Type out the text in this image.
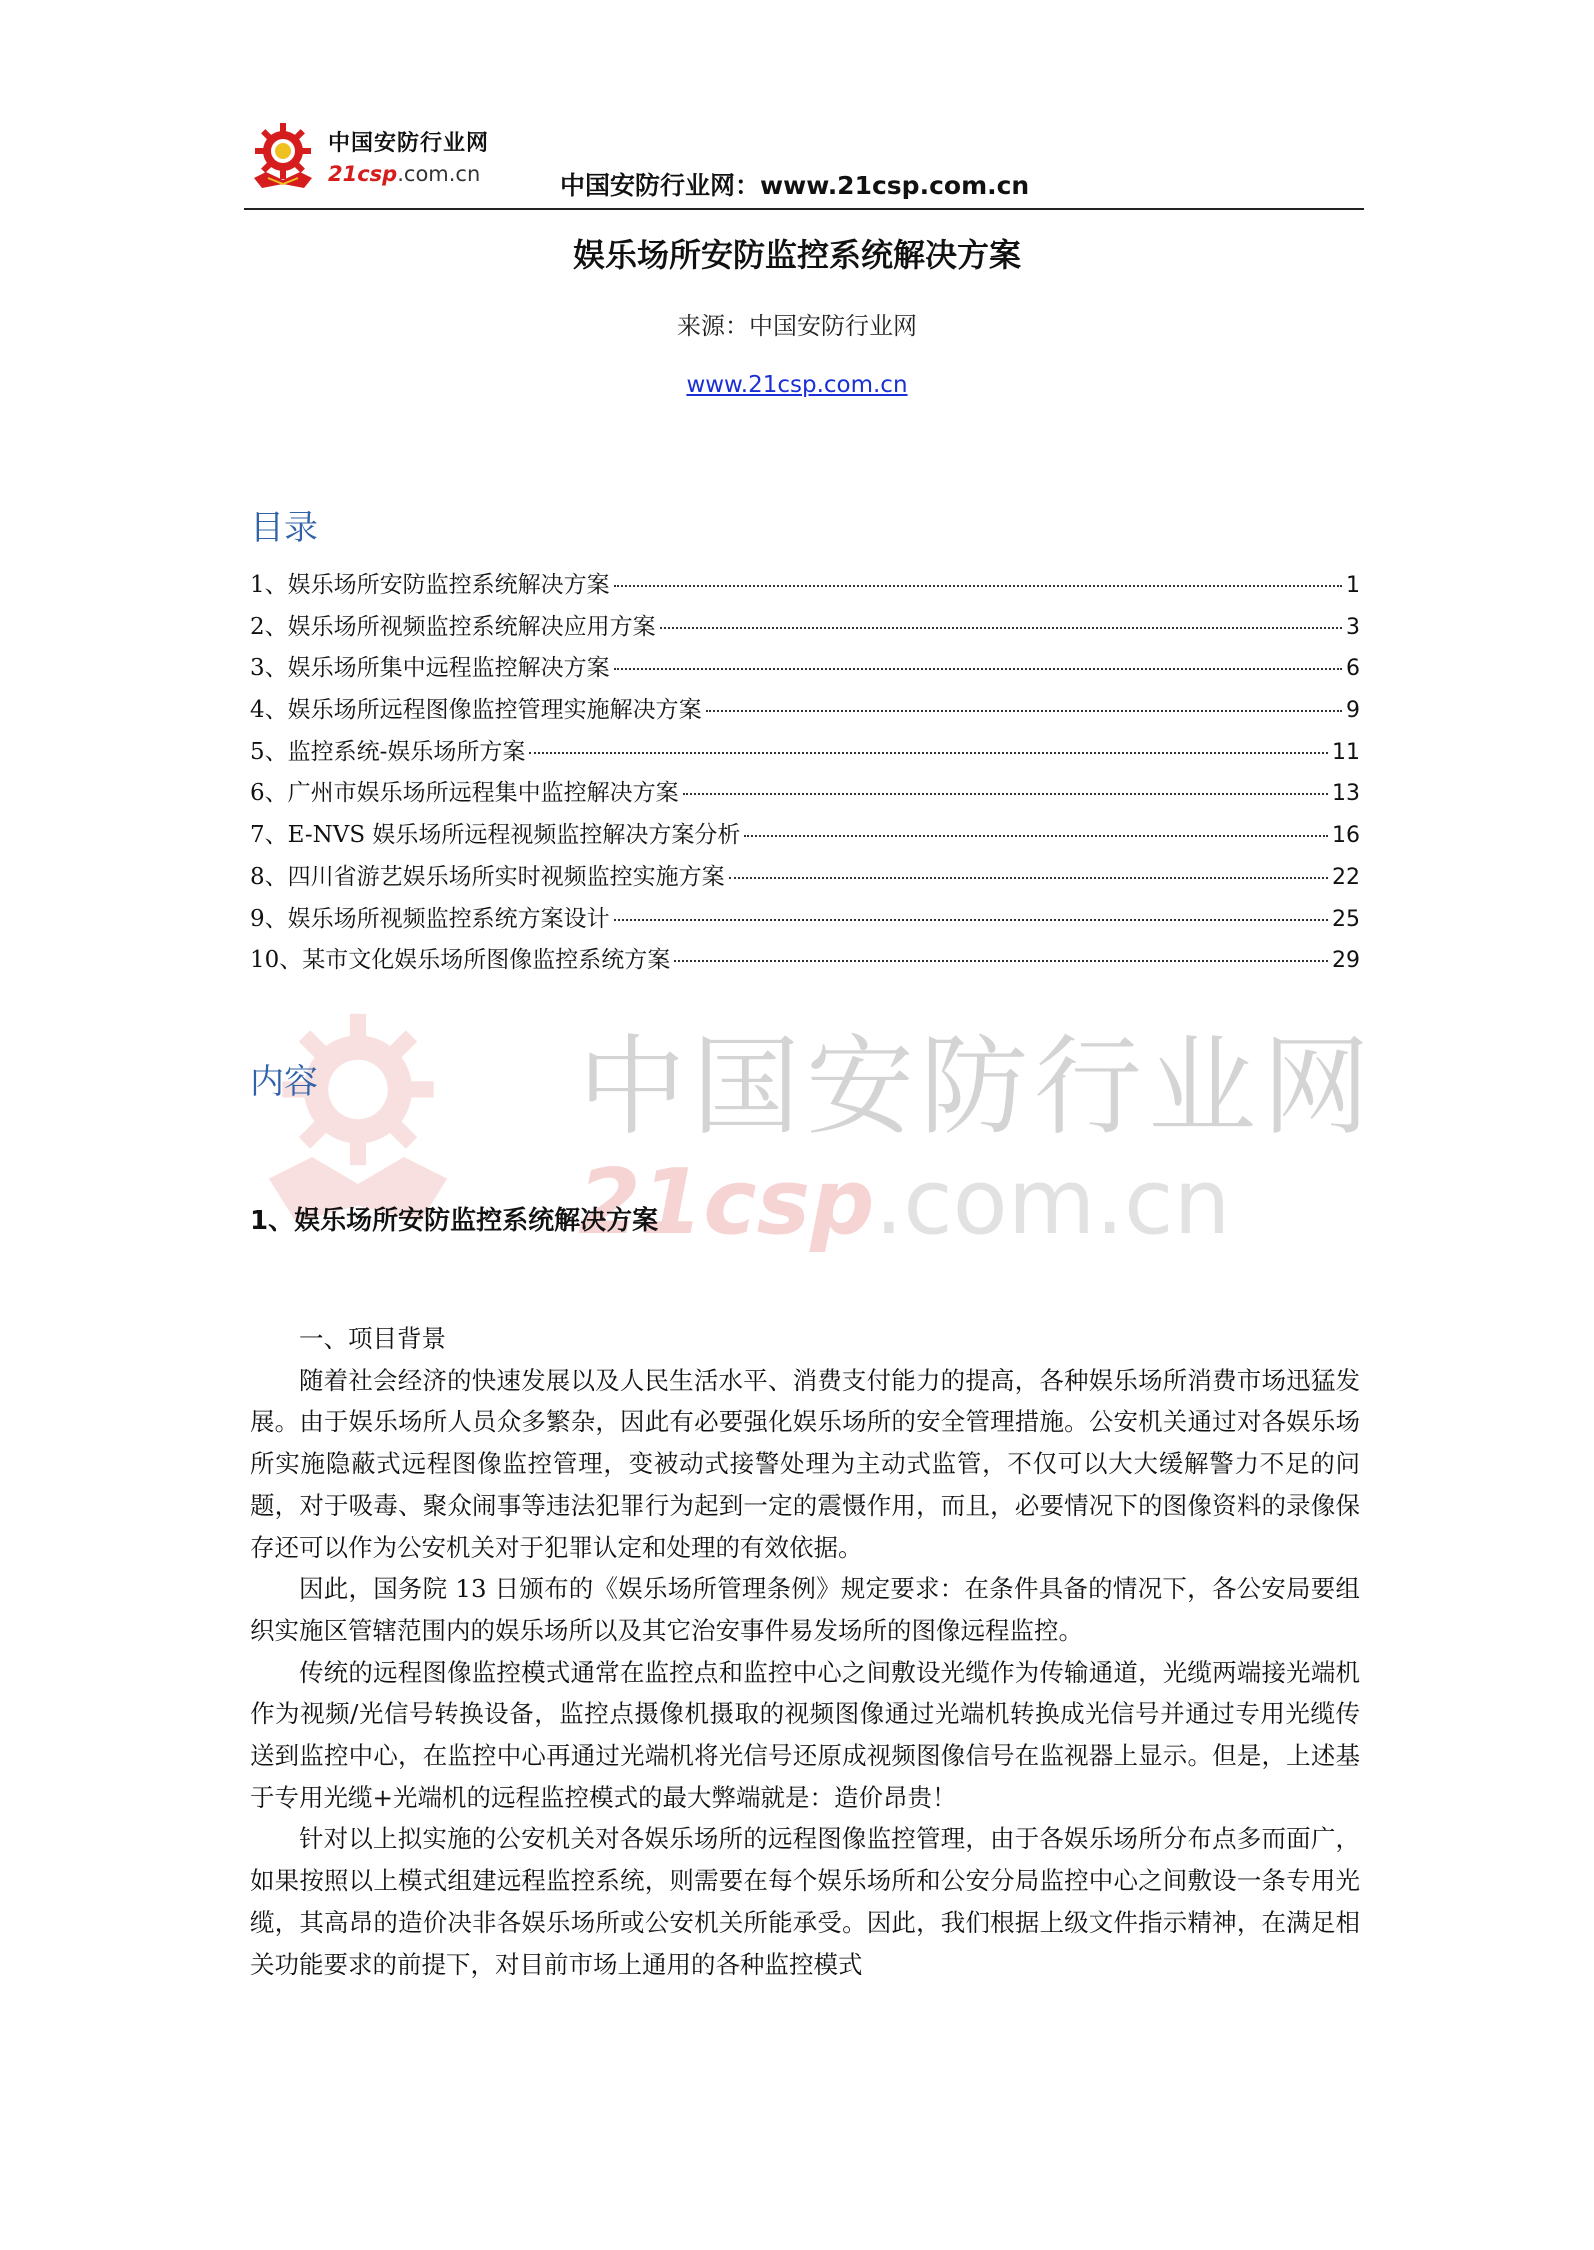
中国安防行业网
21csp.com.cn	中国安防行业网：www.21csp.com.cn
娱乐场所安防监控系统解决方案
来源：中国安防行业网
www.21csp.com.cn
目录
1、 娱乐场所安防监控系统解决方案	1
2、 娱乐场所视频监控系统解决应用方案	3
3、 娱乐场所集中远程监控解决方案	6
4、 娱乐场所远程图像监控管理实施解决方案	9
5、 监控系统-娱乐场所方案	11
6、 广州市娱乐场所远程集中监控解决方案	13
7、 E-NVS 娱乐场所远程视频监控解决方案分析	16
8、 四川省游艺娱乐场所实时视频监控实施方案	22
9、 娱乐场所视频监控系统方案设计	25
10、 某市文化娱乐场所图像监控系统方案	29
中国安防行业网
21csp.com.cn
内容
1、娱乐场所安防监控系统解决方案
一、项目背景

随着社会经济的快速发展以及人民生活水平、消费支付能力的提高，各种娱乐场所消费市场迅猛发展。由于娱乐场所人员众多繁杂，因此有必要强化娱乐场所的安全管理措施。公安机关通过对各娱乐场所实施隐蔽式远程图像监控管理，变被动式接警处理为主动式监管，不仅可以大大缓解警力不足的问题，对于吸毒、聚众闹事等违法犯罪行为起到一定的震慑作用，而且，必要情况下的图像资料的录像保存还可以作为公安机关对于犯罪认定和处理的有效依据。

因此，国务院 13 日颁布的《娱乐场所管理条例》规定要求：在条件具备的情况下，各公安局要组织实施区管辖范围内的娱乐场所以及其它治安事件易发场所的图像远程监控。

传统的远程图像监控模式通常在监控点和监控中心之间敷设光缆作为传输通道，光缆两端接光端机作为视频/光信号转换设备，监控点摄像机摄取的视频图像通过光端机转换成光信号并通过专用光缆传送到监控中心，在监控中心再通过光端机将光信号还原成视频图像信号在监视器上显示。但是，上述基于专用光缆+光端机的远程监控模式的最大弊端就是：造价昂贵！

针对以上拟实施的公安机关对各娱乐场所的远程图像监控管理，由于各娱乐场所分布点多而面广，如果按照以上模式组建远程监控系统，则需要在每个娱乐场所和公安分局监控中心之间敷设一条专用光缆，其高昂的造价决非各娱乐场所或公安机关所能承受。因此，我们根据上级文件指示精神，在满足相关功能要求的前提下，对目前市场上通用的各种监控模式
